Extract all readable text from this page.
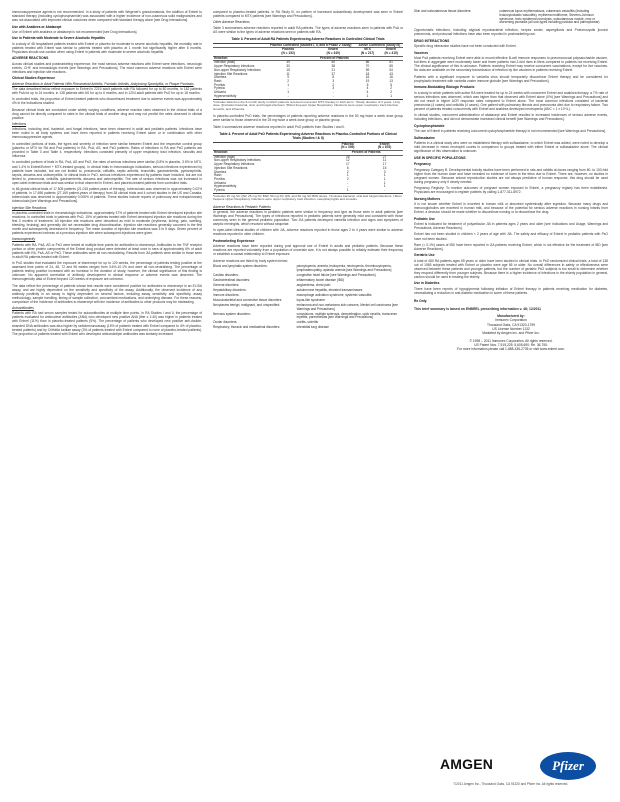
immunosuppressive agents is not recommended. In a study of patients with Wegener's granulomatosis, the addition of Enbrel to standard therapy (including cyclophosphamide) was associated with a higher incidence of non-cutaneous solid malignancies and was not associated with improved clinical outcomes when compared with standard therapy alone [see Drug Interactions].
Use with Anakinra or Abatacept
Use of Enbrel with anakinra or abatacept is not recommended [see Drug Interactions].
Use in Patients with Moderate to Severe Alcoholic Hepatitis
In a study of 48 hospitalized patients treated with Enbrel or placebo for moderate to severe alcoholic hepatitis, the mortality rate in patients treated with Enbrel was similar to patients treated with placebo at 1 month but significantly higher after 6 months. Physicians should use caution when using Enbrel in patients with moderate to severe alcoholic hepatitis.
ADVERSE REACTIONS
Across clinical studies and postmarketing experience, the most serious adverse reactions with Enbrel were infections, neurologic events, CHF, and hematologic events [see Warnings and Precautions]. The most common adverse reactions with Enbrel were infections and injection site reactions.
Clinical Studies Experience
Adverse Reactions in Adult Patients With Rheumatoid Arthritis, Psoriatic Arthritis, Ankylosing Spondylitis, or Plaque Psoriasis
The data described below reflect exposure to Enbrel in 2219 adult patients with RA followed for up to 80 months, in 182 patients with PsA for up to 24 months, in 138 patients with AS for up to 6 months, and in 1204 adult patients with PsO for up to 18 months.
In controlled trials, the proportion of Enbrel-treated patients who discontinued treatment due to adverse events was approximately 4% in the indications studied.
Because clinical trials are conducted under widely varying conditions, adverse reaction rates observed in the clinical trials of a drug cannot be directly compared to rates in the clinical trials of another drug and may not predict the rates observed in clinical practice.
Infections
Infections, including viral, bacterial, and fungal infections, have been observed in adult and pediatric patients. Infections have been noted in all body systems and have been reported in patients receiving Enbrel alone or in combination with other immunosuppressive agents.
In controlled portions of trials, the types and severity of infection were similar between Enbrel and the respective control group (placebo or MTX for RA and PsA patients) in RA, PsA, AS, and PsO patients. Rates of infections in RA and PsO patients are provided in Table 3 and Table 4, respectively. Infections consisted primarily of upper respiratory tract infection, sinusitis and influenza.
In controlled portions of trials in RA, PsA, AS and PsO, the rates of serious infections were similar (0.8% in placebo, 3.5% in MTX, and 1.4% in Enbrel/Enbrel + MTX-treated groups). In clinical trials in rheumatologic indications, serious infections experienced by patients have included, but are not limited to, pneumonia, cellulitis, septic arthritis, bronchitis, gastroenteritis, pyelonephritis, sepsis, abscess and osteomyelitis. In clinical trials in PsO, serious infections experienced by patients have included, but are not limited to, pneumonia, cellulitis, gastroenteritis, abscess and osteomyelitis. The rate of serious infections was not increased in open-label extension trials and was similar to that observed in Enbrel- and placebo-treated patients from controlled trials.
In 66 global clinical trials of 17,505 patients (21,015 patient-years of therapy), tuberculosis was observed in approximately 0.02% of patients. In 17,696 patients (27,169 patient-years of therapy) from 38 clinical trials and 4 cohort studies in the US and Canada, tuberculosis was observed in approximately 0.006% of patients. These studies include reports of pulmonary and extrapulmonary tuberculosis [see Warnings and Precautions].
Injection Site Reactions
In placebo-controlled trials in rheumatologic indications, approximately 37% of patients treated with Enbrel developed injection site reactions. In controlled trials in patients with PsO, 15% of patients treated with Enbrel developed injection site reactions during the first 3 months of treatment. All injection site reactions were described as mild to moderate (erythema, itching, pain, swelling, bleeding, bruising) and generally did not necessitate drug discontinuation. Injection site reactions generally occurred in the first month and subsequently decreased in frequency. The mean duration of injection site reactions was 3 to 5 days. Seven percent of patients experienced redness at a previous injection site when subsequent injections were given.
Immunogenicity
Patients with RA, PsA, AS or PsO were tested at multiple time points for antibodies to etanercept. Antibodies to the TNF receptor portion or other protein components of the Enbrel drug product were detected at least once in sera of approximately 6% of adult patients with RA, PsA, AS or PsO. These antibodies were all non-neutralizing. Results from JIA patients were similar to those seen in adult RA patients treated with Enbrel.
In PsO studies that evaluated the exposure of etanercept for up to 120 weeks, the percentage of patients testing positive at the assessed time points of 24, 48, 72 and 96 weeks ranged from 3.6%-10.1% and were all non-neutralizing. The percentage of patients testing positive increased with an increase in the duration of study; however, the clinical significance of this finding is unknown. No apparent correlation of antibody development to clinical response or adverse events was observed. The immunogenicity data of Enbrel beyond 120 weeks of exposure are unknown.
The data reflect the percentage of patients whose test results were considered positive for antibodies to etanercept in an ELISA assay, and are highly dependent on the sensitivity and specificity of the assay. Additionally, the observed incidence of any antibody positivity in an assay is highly dependent on several factors, including assay sensitivity and specificity, assay methodology, sample handling, timing of sample collection, concomitant medications, and underlying disease. For these reasons, comparison of the incidence of antibodies to etanercept with the incidence of antibodies to other products may be misleading.
Autoantibodies
Patients with RA had serum samples tested for autoantibodies at multiple time points. In RA Studies I and II, the percentage of patients evaluated for antinuclear antibodies (ANA) who developed new positive ANA (titer ≥ 1:40) was higher in patients treated with Enbrel (11%) than in placebo-treated patients (5%). The percentage of patients who developed new positive anti-double-stranded DNA antibodies was also higher by radioimmunoassay (15% of patients treated with Enbrel compared to 4% of placebo-treated patients) and by Crithidia luciliae assay (3% of patients treated with Enbrel compared to none of placebo-treated patients). The proportion of patients treated with Enbrel who developed anticardiolipin antibodies was similarly increased
compared to placebo-treated patients. In RA Study III, no pattern of increased autoantibody development was seen in Enbrel patients compared to MTX patients [see Warnings and Precautions].
Other Adverse Reactions
Table 3 summarizes adverse reactions reported in adult RA patients. The types of adverse reactions seen in patients with PsA or AS were similar to the types of adverse reactions seen in patients with RA.
Table 3. Percent of Adult RA Patients Experiencing Adverse Reactions in Controlled Clinical Trials
	Placebo Controlled (Studies I, II, and a Phase 2 Study)		Active Controlled (Study III)	
	Placebo	Enbrel	MTX	Enbrel
	(N = 152)	(N = 349)	(N = 217)	(N = 415)
Reaction	Percent of Patients			
Infection (total)	39	50	86	81
Upper Respiratory Infections	30	38	70	65
Non-upper Respiratory Infections	15	21	59	54
Injection Site Reactions	11	37	18	43
Diarrhea	9	8	16	16
Rash	2	3	19	13
Pruritus	1	2	5	5
Pyrexia	-	3	4	2
Urticaria	1	-	4	2
Hypersensitivity	-	-	1	1
*Includes data from the 6-month study in which patients received concurrent MTX therapy in both arms. †Study duration of 2 years. ‡Any dose. §Includes bacterial, viral, and fungal infections. ¶Most frequent Upper Respiratory Infections were upper respiratory tract infection, sinusitis, and influenza.
In placebo-controlled PsO trials, the percentages of patients reporting adverse reactions in the 50 mg twice a week dose group were similar to those observed in the 25 mg twice a week dose group or placebo group.
Table 4 summarizes adverse reactions reported in adult PsO patients from Studies I and II.
Table 4. Percent of Adult PsO Patients Experiencing Adverse Reactions in Placebo-Controlled Portions of Clinical Trials (Studies I & II)
	Placebo	Enbrel
	(N = 359)	(N = 876)
Reaction	Percent of Patients	
Infection (total)	28	27
Non-upper Respiratory Infections	12	11
Upper Respiratory Infections	17	17
Injection Site Reactions	6	15
Diarrhea	2	3
Rash	1	1
Pruritus	2	1
Urticaria	-	1
Hypersensitivity	-	1
Pyrexia	1	-
*Includes 25 mg SC QW, 25 mg SC BIW, 50 mg SC QW, and 50 mg SC BIW doses. †Includes bacterial, viral and fungal infections. ‡Most frequent Upper Respiratory Infections were upper respiratory tract infection, nasopharyngitis and sinusitis.
Adverse Reactions in Pediatric Patients
In general, the adverse reactions in pediatric patients were similar in frequency and type as those seen in adult patients [see Warnings and Precautions]. The types of infections reported in pediatric patients were generally mild and consistent with those commonly seen in the general pediatric population. Two JIA patients developed varicella infection and signs and symptoms of aseptic meningitis, which resolved without sequelae.
In open-label clinical studies of children with JIA, adverse reactions reported in those ages 2 to 4 years were similar to adverse reactions reported in older children.
Postmarketing Experience
Adverse reactions have been reported during post approval use of Enbrel in adults and pediatric patients. Because these reactions are reported voluntarily from a population of uncertain size, it is not always possible to reliably estimate their frequency or establish a causal relationship to Enbrel exposure.
Adverse reactions are listed by body system below:
Blood and lymphatic system disorders:	pancytopenia, anemia, leukopenia, neutropenia, thrombocytopenia, lymphadenopathy, aplastic anemia [see Warnings and Precautions]
Cardiac disorders:	congestive heart failure [see Warnings and Precautions]
Gastrointestinal disorders:	inflammatory bowel disease (IBD)
General disorders:	angioedema, chest pain
Hepatobiliary disorders:	autoimmune hepatitis, elevated transaminases
Immune disorders:	macrophage activation syndrome, systemic vasculitis
Musculoskeletal and connective tissue disorders:	lupus-like syndrome
Neoplasms benign, malignant, and unspecified:	melanoma and non-melanoma skin cancers, Merkel cell carcinoma [see Warnings and Precautions]
Nervous system disorders:	convulsions, multiple sclerosis, demyelination, optic neuritis, transverse myelitis, paresthesias [see Warnings and Precautions]
Ocular disorders:	uveitis, scleritis
Respiratory, thoracic and mediastinal disorders:	interstitial lung disease
Skin and subcutaneous tissue disorders:	cutaneous lupus erythematosus, cutaneous vasculitis (including leukocytoclastic vasculitis), erythema multiforme, Stevens-Johnson syndrome, toxic epidermal necrolysis, subcutaneous nodule, new or worsening psoriasis (all sub-types including pustular and palmoplantar)
Opportunistic infections, including atypical mycobacterial infection, herpes zoster, aspergillosis and Pneumocystis jiroveci pneumonia, and protozoal infections have also been reported in postmarketing use.
DRUG INTERACTIONS
Specific drug interaction studies have not been conducted with Enbrel.
Vaccines
Most PsA patients receiving Enbrel were able to mount effective B-cell immune responses to pneumococcal polysaccharide vaccine, but titers in aggregate were moderately lower and fewer patients had 2-fold rises in titers compared to patients not receiving Enbrel. The clinical significance of this is unknown. Patients receiving Enbrel may receive concurrent vaccinations, except for live vaccines. No data are available on the secondary transmission of infection by live vaccines in patients receiving Enbrel.
Patients with a significant exposure to varicella virus should temporarily discontinue Enbrel therapy and be considered for prophylactic treatment with varicella zoster immune globulin [see Warnings and Precautions].
Immune-Modulating Biologic Products
In a study in which patients with active RA were treated for up to 24 weeks with concurrent Enbrel and anakinra therapy, a 7% rate of serious infections was observed, which was higher than that observed with Enbrel alone (0%) [see Warnings and Precautions] and did not result in higher ACR response rates compared to Enbrel alone. The most common infections consisted of bacterial pneumonia (4 cases) and cellulitis (4 cases). One patient with pulmonary fibrosis and pneumonia died due to respiratory failure. Two percent of patients treated concurrently with Enbrel and anakinra developed neutropenia (ANC < 1 x 10⁹/L).
In clinical studies, concurrent administration of abatacept and Enbrel resulted in increased incidences of serious adverse events, including infections, and did not demonstrate increased clinical benefit [see Warnings and Precautions].
Cyclophosphamide
The use of Enbrel in patients receiving concurrent cyclophosphamide therapy is not recommended [see Warnings and Precautions].
Sulfasalazine
Patients in a clinical study who were on established therapy with sulfasalazine, to which Enbrel was added, were noted to develop a mild decrease in mean neutrophil counts in comparison to groups treated with either Enbrel or sulfasalazine alone. The clinical significance of this observation is unknown.
USE IN SPECIFIC POPULATIONS
Pregnancy
Pregnancy Category B. Developmental toxicity studies have been performed in rats and rabbits at doses ranging from 60- to 100-fold higher than the human dose and have revealed no evidence of harm to the fetus due to Enbrel. There are, however, no studies in pregnant women. Because animal reproduction studies are not always predictive of human response, this drug should be used during pregnancy only if clearly needed.
Pregnancy Registry: To monitor outcomes of pregnant women exposed to Enbrel, a pregnancy registry has been established. Physicians are encouraged to register patients by calling 1-877-311-8972.
Nursing Mothers
It is not known whether Enbrel is excreted in human milk or absorbed systemically after ingestion. Because many drugs and immunoglobulins are excreted in human milk, and because of the potential for serious adverse reactions in nursing infants from Enbrel, a decision should be made whether to discontinue nursing or to discontinue the drug.
Pediatric Use
Enbrel is indicated for treatment of polyarticular JIA in patients ages 2 years and older [see Indications and Usage, Warnings and Precautions, Adverse Reactions].
Enbrel has not been studied in children < 2 years of age with JIA. The safety and efficacy of Enbrel in pediatric patients with PsO have not been studied.
Rare (< 0.1%) cases of IBD have been reported in JIA patients receiving Enbrel, which is not effective for the treatment of IBD [see Adverse Reactions].
Geriatric Use
A total of 480 RA patients ages 65 years or older have been studied in clinical trials. In PsO randomized clinical trials, a total of 138 out of 1965 subjects treated with Enbrel or placebo were age 65 or older. No overall differences in safety or effectiveness were observed between these patients and younger patients, but the number of geriatric PsO subjects is too small to determine whether they respond differently from younger subjects. Because there is a higher incidence of infections in the elderly population in general, caution should be used in treating the elderly.
Use in Diabetics
There have been reports of hypoglycemia following initiation of Enbrel therapy in patients receiving medication for diabetes, necessitating a reduction in anti-diabetic medication in some of these patients.
Rx Only.
This brief summary is based on ENBREL prescribing information v. 48; 12/2011
Manufactured by:
Immunex Corporation
Thousand Oaks, CA 91320-1799
US License Number 1132
Marketed by Amgen Inc. and Pfizer Inc.
© 1998 – 2011 Immunex Corporation. All rights reserved.
US Patent Nos. 7,915,225; 5,605,690; Re. 36,755.
For more information please call 1-888-436-2735 or visit www.enbrel.com.
AMGEN	Pfizer
©2011 Amgen Inc., Thousand Oaks, CA 91320 and Pfizer Inc. All rights reserved.
